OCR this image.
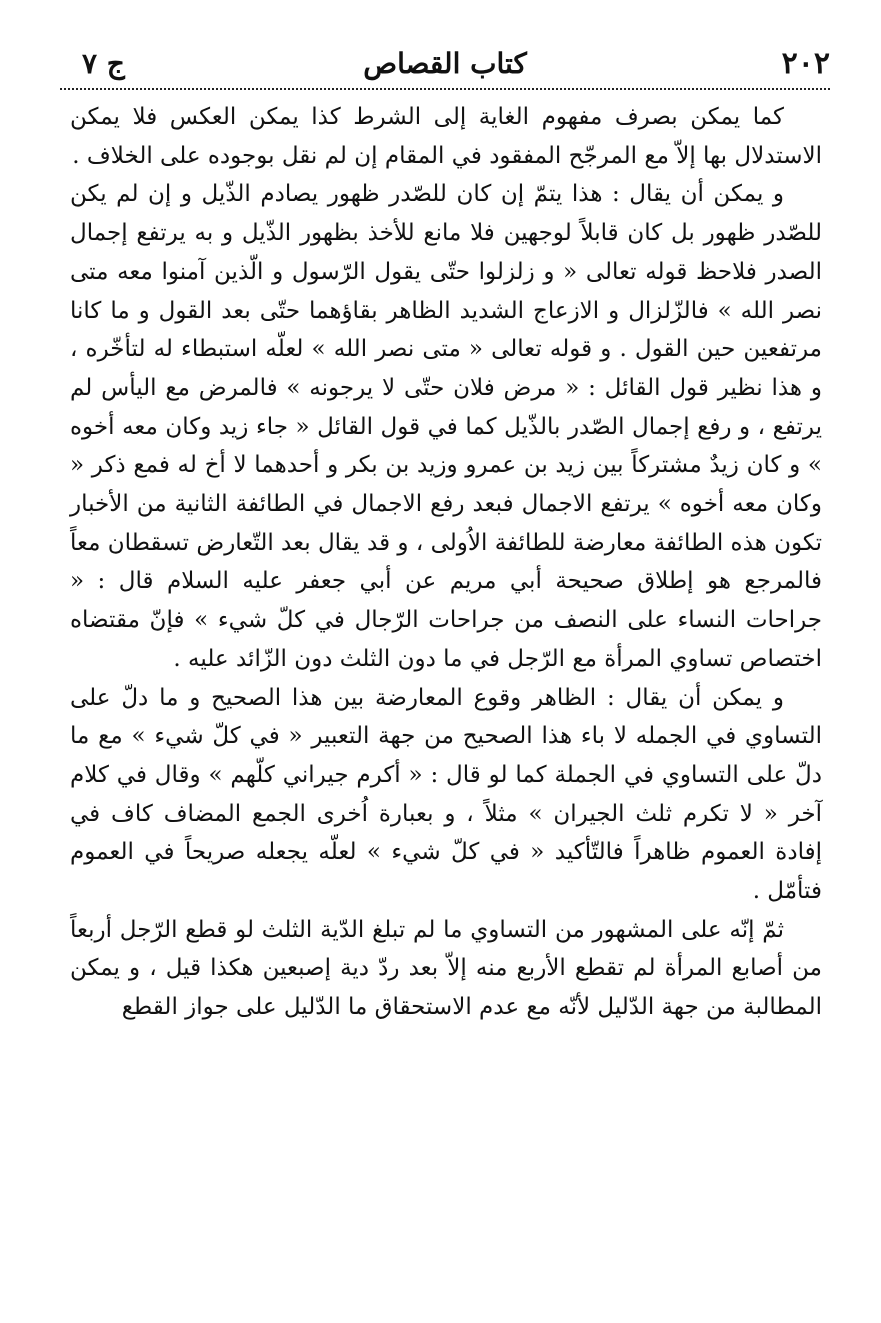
٢٠٢
كتاب القصاص
ج ٧

كما يمكن بصرف مفهوم الغاية إلى الشرط كذا يمكن العكس فلا يمكن الاستدلال بها إلاّ مع المرجّح المفقود في المقام إن لم نقل بوجوده على الخلاف .

و يمكن أن يقال : هذا يتمّ إن كان للصّدر ظهور يصادم الذّيل و إن لم يكن للصّدر ظهور بل كان قابلاً لوجهين فلا مانع للأخذ بظهور الذّيل و به يرتفع إجمال الصدر فلاحظ قوله تعالى « و زلزلوا حتّى يقول الرّسول و الّذين آمنوا معه متى نصر الله » فالزّلزال و الازعاج الشديد الظاهر بقاؤهما حتّى بعد القول و ما كانا مرتفعين حين القول . و قوله تعالى « متى نصر الله » لعلّه استبطاء له لتأخّره ، و هذا نظير قول القائل : « مرض فلان حتّى لا يرجونه » فالمرض مع اليأس لم يرتفع ، و رفع إجمال الصّدر بالذّيل كما في قول القائل « جاء زيد وكان معه أخوه » و كان زيدٌ مشتركاً بين زيد بن عمرو وزيد بن بكر و أحدهما لا أخ له فمع ذكر « وكان معه أخوه » يرتفع الاجمال فبعد رفع الاجمال في الطائفة الثانية من الأخبار تكون هذه الطائفة معارضة للطائفة الاُولى ، و قد يقال بعد التّعارض تسقطان معاً فالمرجع هو إطلاق صحيحة أبي مريم عن أبي جعفر عليه السلام قال : « جراحات النساء على النصف من جراحات الرّجال في كلّ شيء » فإنّ مقتضاه اختصاص تساوي المرأة مع الرّجل في ما دون الثلث دون الزّائد عليه .

و يمكن أن يقال : الظاهر وقوع المعارضة بين هذا الصحيح و ما دلّ على التساوي في الجمله لا باء هذا الصحيح من جهة التعبير « في كلّ شيء » مع ما دلّ على التساوي في الجملة كما لو قال : « أكرم جيراني كلّهم » وقال في كلام آخر « لا تكرم ثلث الجيران » مثلاً ، و بعبارة اُخرى الجمع المضاف كاف في إفادة العموم ظاهراً فالتّأكيد « في كلّ شيء » لعلّه يجعله صريحاً في العموم فتأمّل .

ثمّ إنّه على المشهور من التساوي ما لم تبلغ الدّية الثلث لو قطع الرّجل أربعاً من أصابع المرأة لم تقطع الأربع منه إلاّ بعد ردّ دية إصبعين هكذا قيل ، و يمكن المطالبة من جهة الدّليل لأنّه مع عدم الاستحقاق ما الدّليل على جواز القطع
